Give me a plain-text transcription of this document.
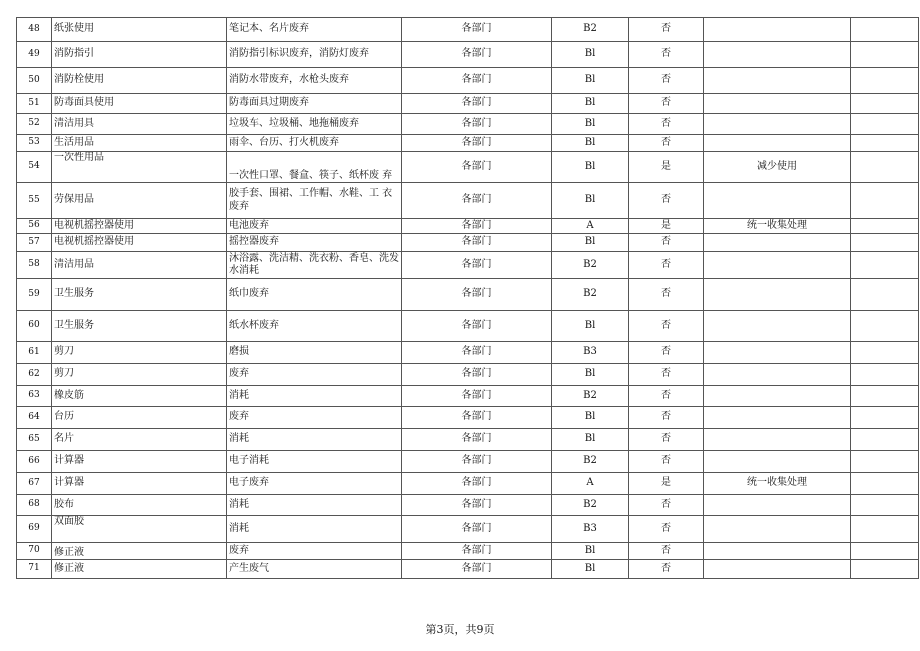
48	纸张使用	笔记本、名片废弃	各部门	B2	否		
49	消防指引	消防指引标识废弃，消防灯废弃	各部门	Bl	否		
50	消防栓使用	消防水带废弃，水枪头废弃	各部门	Bl	否		
51	防毒面具使用	防毒面具过期废弃	各部门	Bl	否		
52	清洁用具	垃圾车、垃圾桶、地拖桶废弃	各部门	Bl	否		
53	生活用品	雨伞、台历、打火机废弃	各部门	Bl	否		
54	一次性用品	一次性口罩、餐盒、筷子、纸杯废 弃	各部门	Bl	是	减少使用	
55	劳保用品	胶手套、围裙、工作帽、水鞋、工 衣废弃	各部门	Bl	否		
56	电视机摇控器使用	电池废弃	各部门	A	是	统一收集处理	
57	电视机摇控器使用	摇控器废弃	各部门	Bl	否		
58	清洁用品	沐浴露、洗洁精、洗衣粉、香皂、洗发水消耗	各部门	B2	否		
59	卫生服务	纸巾废弃	各部门	B2	否		
60	卫生服务	纸水杯废弃	各部门	Bl	否		
61	剪刀	磨损	各部门	B3	否		
62	剪刀	废弃	各部门	Bl	否		
63	橡皮筋	消耗	各部门	B2	否		
64	台历	废弃	各部门	Bl	否		
65	名片	消耗	各部门	Bl	否		
66	计算器	电子消耗	各部门	B2	否		
67	计算器	电子废弃	各部门	A	是	统一收集处理	
68	胶布	消耗	各部门	B2	否		
69	双面胶	消耗	各部门	B3	否		
70	修正液	废弃	各部门	Bl	否		
71	修正液	产生废气	各部门	Bl	否		
第3页，共9页
